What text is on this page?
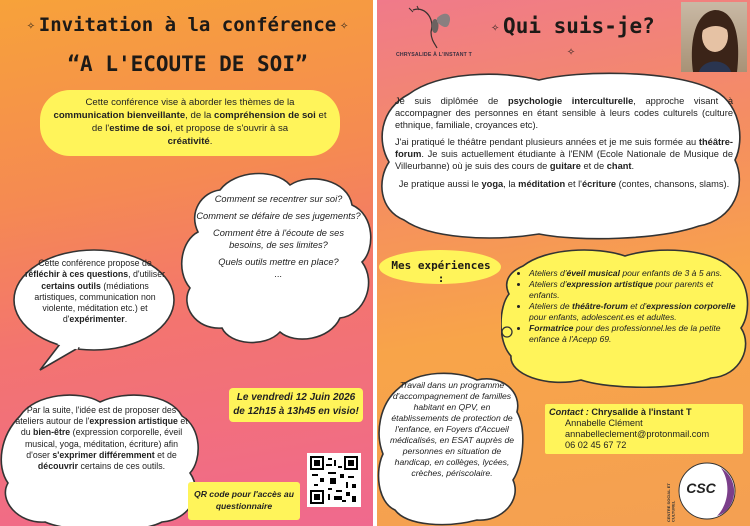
✧ Invitation à la conférence ✧
“A L'ECOUTE DE SOI”
Cette conférence vise à aborder les thèmes de la
communication bienveillante, de la compréhension de soi et de l'estime de soi, et propose de s'ouvrir à sa
créativité.
Comment se recentrer sur soi?
Comment se défaire de ses jugements?
Comment être à l'écoute de ses besoins, de ses limites?
Quels outils mettre en place?
...
Cette conférence propose de réfléchir à ces questions, d'utiliser certains outils (médiations artistiques, communication non violente, méditation etc.) et d'expérimenter.
Le vendredi 12 Juin 2026
de 12h15 à 13h45 en visio!
Par la suite, l'idée est de proposer des ateliers autour de l'expression artistique et du bien-être (expression corporelle, éveil musical, yoga, méditation, écriture) afin d'oser s'exprimer différemment et de découvrir certains de ces outils.
QR code pour l'accès au questionnaire
CHRYSALIDE À L'INSTANT T
✧ Qui suis-je?✧

Je suis diplômée de psychologie interculturelle, approche visant à accompagner des personnes en étant sensible à leurs codes culturels (culture ethnique, familiale, croyances etc).

J'ai pratiqué le théâtre pendant plusieurs années et je me suis formée au théâtre-forum. Je suis actuellement étudiante à l'ENM (Ecole Nationale de Musique de Villeurbanne) où je suis des cours de guitare et de chant.

Je pratique aussi le yoga, la méditation et l'écriture (contes, chansons, slams).

Mes expériences :
•	Ateliers d'éveil musical pour enfants de 3 à 5 ans.
• Ateliers d'expression artistique pour parents et enfants.
• Ateliers de théâtre-forum et d'expression corporelle pour enfants, adolescent.es et adultes.
• Formatrice pour des professionnel.les de la petite enfance à l'Acepp 69.
Travail dans un programme d'accompagnement de familles habitant en QPV, en établissements de protection de l'enfance, en Foyers d'Accueil médicalisés, en ESAT auprès de personnes en situation de handicap, en collèges, lycées, crèches, périscolaire.
Contact : Chrysalide à l'instant T
Annabelle Clément
annabelleclement@protonmail.com
06 02 45 67 72
CENTRE SOCIAL ET CULTUREL
CSC
